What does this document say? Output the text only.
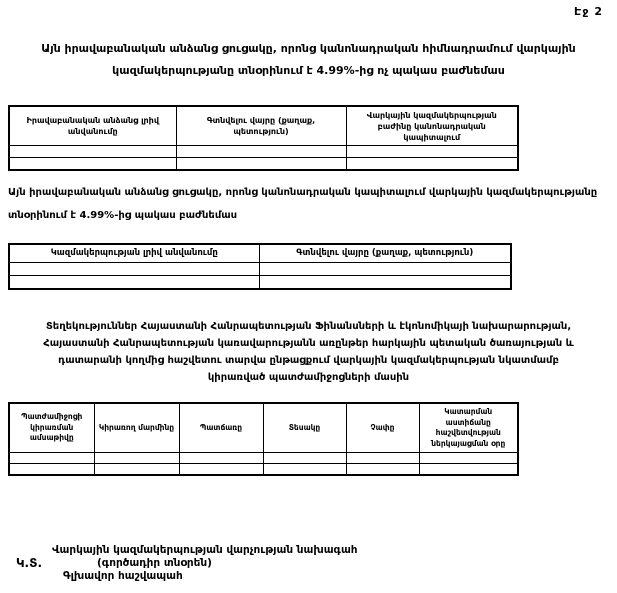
Էջ 2
Այն իրավաբանական անձանց ցուցակը, որոնց կանոնադրական հիմնադրամում վարկային կազմակերպությանը տնօրինում է 4.99%-ից ոչ պակաս բաժնեմաս
Իրավաբանական անձանց լրիվ անվանումը	Գտնվելու վայրը (քաղաք, պետություն)	Վարկային կազմակերպության բաժինը կանոնադրական կապիտալում

Այն իրավաբանական անձանց ցուցակը, որոնց կանոնադրական կապիտալում վարկային կազմակերպությանը տնօրինում է 4.99%-ից պակաս բաժնեմաս
Կազմակերպության լրիվ անվանումը	Գտնվելու վայրը (քաղաք, պետություն)

Տեղեկություններ Հայաստանի Հանրապետության Ֆինանսների և էկոնոմիկայի նախարարության, Հայաստանի Հանրապետության կառավարությանն առընթեր հարկային պետական ծառայության և դատարանի կողմից հաշվետու տարվա ընթացքում վարկային կազմակերպության նկատմամբ կիրառված պատժամիջոցների մասին
Պատժամիջոցի կիրառման ամսաթիվը	Կիրառող մարմինը	Պատճառը	Տեսակը	Չափը	Կատարման աստիճանը հաշվետվության ներկայացման օրը

Կ.Տ.
Վարկային կազմակերպության վարչության նախագահ
(գործադիր տնօրեն)
Գլխավոր հաշվապահ
